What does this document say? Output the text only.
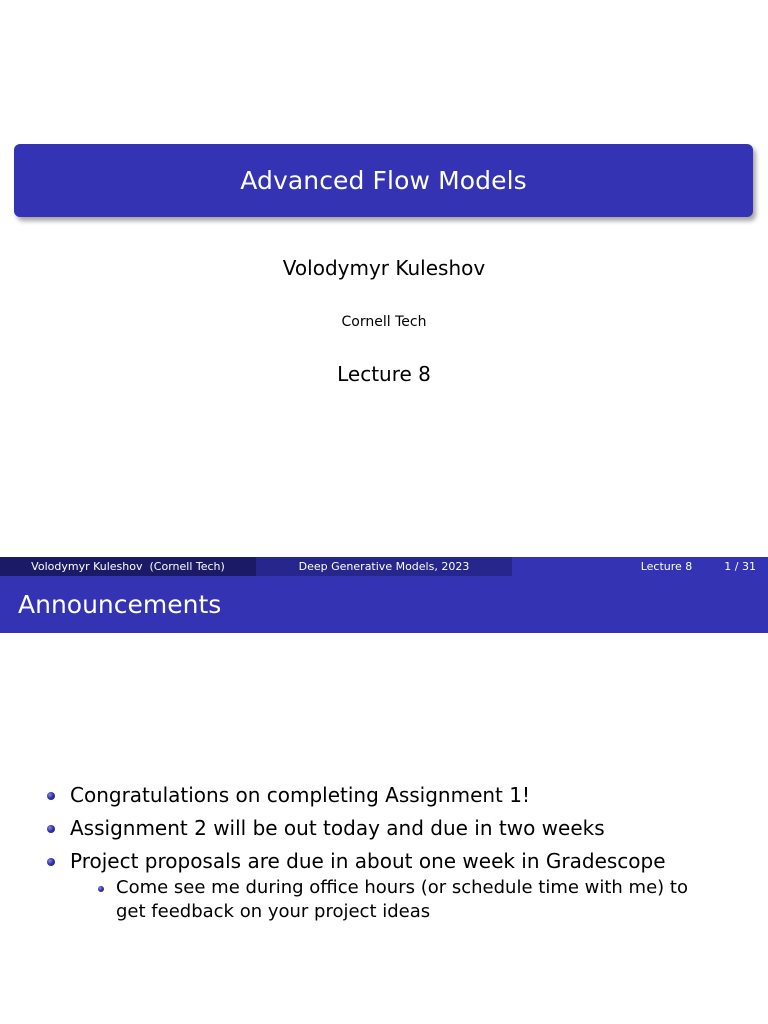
Advanced Flow Models
Volodymyr Kuleshov
Cornell Tech
Lecture 8
Volodymyr Kuleshov  (Cornell Tech)	Deep Generative Models, 2023	Lecture 8	1 / 31
Announcements
Congratulations on completing Assignment 1!
Assignment 2 will be out today and due in two weeks
Project proposals are due in about one week in Gradescope
Come see me during office hours (or schedule time with me) to get feedback on your project ideas
